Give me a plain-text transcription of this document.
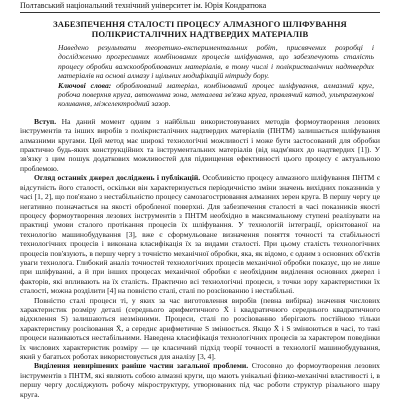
Полтавський національний технічний університет ім. Юрія Кондратюка
ЗАБЕЗПЕЧЕННЯ СТАЛОСТІ ПРОЦЕСУ АЛМАЗНОГО ШЛІФУВАННЯ
ПОЛІКРИСТАЛІЧНИХ НАДТВЕРДИХ МАТЕРІАЛІВ
Наведено результати теоретико-експериментальних робіт, присвячених розробці і дослідженню прогресивних комбінованих процесів шліфування, що забезпечують сталість процесу обробки важкооброблюваних матеріалів, в тому числі і полікристалічних надтвердих матеріалів на основі алмазу і щільних модифікацій нітриду бору.
Ключові слова: оброблюваний матеріал, комбінований процес шліфування, алмазний круг, робоча поверхня круга, автономна зона, металева зв'язка круга, правлячий катод, ультразвукові коливання, міжелектродний зазор.

Вступ. На даний момент одним з найбільш використовуваних методів формоутворення лезових інструментів та інших виробів з полікристалічних надтвердих матеріалів (ПНТМ) залишається шліфування алмазними кругами. Цей метод має широкі технологічні можливості і може бути застосований для обробки практично будь-яких конструкційних та інструментальних матеріалів (від надм'яких до надтвердих [1]). У зв'язку з цим пошук додаткових можливостей для підвищення ефективності цього процесу є актуальною проблемою.

Огляд останніх джерел досліджень і публікацій. Особливістю процесу алмазного шліфування ПНТМ є відсутність його сталості, оскільки він характеризується періодичністю зміни значень вихідних показників у часі [1, 2], що пов'язано з нестабільністю процесу самозагострювання алмазних зерен круга. В першу чергу це негативно позначається на якості обробленої поверхні. Для забезпечення сталості в часі показників якості процесу формоутворення лезових інструментів з ПНТМ необхідно в максимальному ступені реалізувати на практиці умови сталого протікання процесів їх шліфування. У технологій інтеграції, орієнтованої на технологію машинобудування [3], вже є сформульоване визначення поняття точності та стабільності технологічних процесів і виконана класифікація їх за видами сталості. При цьому сталість технологічних процесів пов'язують, в першу чергу з точністю механічної обробки, яка, як відомо, є одним з основних об'єктів уваги технолога. Глибокий аналіз точностей технологічних процесів механічної обробки показує, що не лише при шліфуванні, а й при інших процесах механічної обробки є необхідним виділення основних джерел і факторів, які впливають на їх сталість. Практично всі технологічні процеси, з точки зору характеристики їх сталості, можна розділити [4] на повністю сталі, сталі по розсіюванню і нестабільні.

Повністю сталі процеси ті, у яких за час виготовлення виробів (певна вибірка) значення числових характеристик розміру деталі (середнього арифметичного X̄ і квадратичного середнього квадратичного відхилення S) залишаються незмінними. Процеси, сталі по розсіюванню зберігають постійною тільки характеристику розсіювання X̄, а середнє арифметичне S змінюється. Якщо X̄ і S змінюються в часі, то такі процеси називаються нестабільними. Наведена класифікація технологічних процесів за характером поведінки їх числових характеристик розміру — це класичний підхід теорії точності в технології машинобудування, який у багатьох роботах використовується для аналізу [3, 4].

Виділення невирішених раніше частин загальної проблеми. Стосовно до формоутворення лезових інструментів з ПНТМ, які являють собою алмазні круги, що мають унікальні фізико-механічні властивості і, в першу чергу досліджують робочу мікроструктуру, утворюваних під час роботи структур різального шару круга.
